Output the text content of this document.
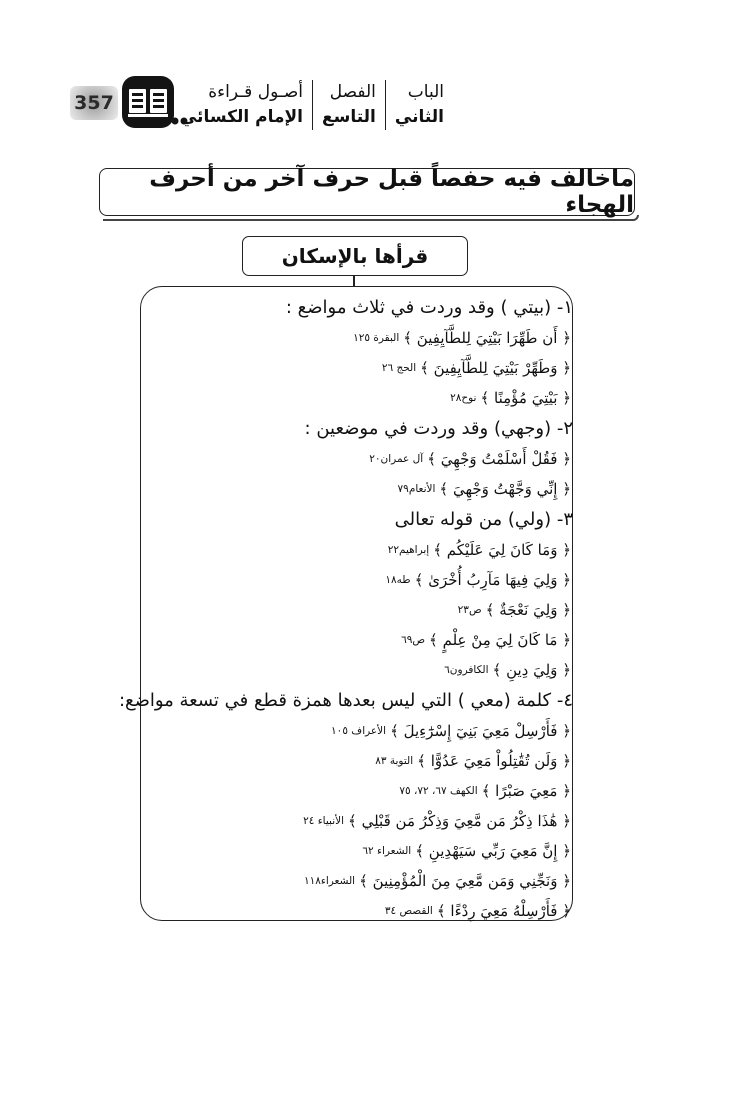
357	الباب
الثاني
الفصل
التاسع
أصـول قـراءة
الإمام الكسائي
ماخالف فيه حفصاً قبل حرف آخر من أحرف الهجاء
قرأها بالإسكان
١- (بيتي ) وقد وردت في ثلاث مواضع :
﴿ أَن طَهِّرَا بَيْتِيَ لِلطَّآيِفِينَ ﴾
البقرة ١٢٥
﴿ وَطَهِّرْ بَيْتِيَ لِلطَّآيِفِينَ ﴾
الحج ٢٦
﴿ بَيْتِيَ مُؤْمِنًا ﴾
نوح٢٨
٢- (وجهي) وقد وردت في موضعين :
﴿ فَقُلْ أَسْلَمْتُ وَجْهِيَ ﴾
آل عمران٢٠
﴿ إِنِّي وَجَّهْتُ وَجْهِيَ ﴾
الأنعام٧٩
٣- (ولي) من قوله تعالى
﴿ وَمَا كَانَ لِيَ عَلَيْكُم ﴾
إبراهيم٢٢
﴿ وَلِيَ فِيهَا مَآرِبُ أُخْرَىٰ ﴾
طه١٨
﴿ وَلِيَ نَعْجَةٌ ﴾
ص٢٣
﴿ مَا كَانَ لِيَ مِنْ عِلْمٍ ﴾
ص٦٩
﴿ وَلِيَ دِينِ ﴾
الكافرون٦
٤- كلمة (معي ) التي ليس بعدها همزة قطع في تسعة مواضع:
﴿ فَأَرْسِلْ مَعِيَ بَنِيٓ إِسْرَٰٓءِيلَ ﴾
الأعراف ١٠٥
﴿ وَلَن تُقَٰتِلُواْ مَعِيَ عَدُوًّا ﴾
التوبة ٨٣
﴿ مَعِيَ صَبْرًا ﴾
الكهف ٦٧، ٧٢، ٧٥
﴿ هَٰذَا ذِكْرُ مَن مَّعِيَ وَذِكْرُ مَن قَبْلِي ﴾
الأنبياء ٢٤
﴿ إِنَّ مَعِيَ رَبِّي سَيَهْدِينِ ﴾
الشعراء ٦٢
﴿ وَنَجِّنِي وَمَن مَّعِيَ مِنَ الْمُؤْمِنِينَ ﴾
الشعراء١١٨
﴿ فَأَرْسِلْهُ مَعِيَ رِدْءًا ﴾
القصص ٣٤
